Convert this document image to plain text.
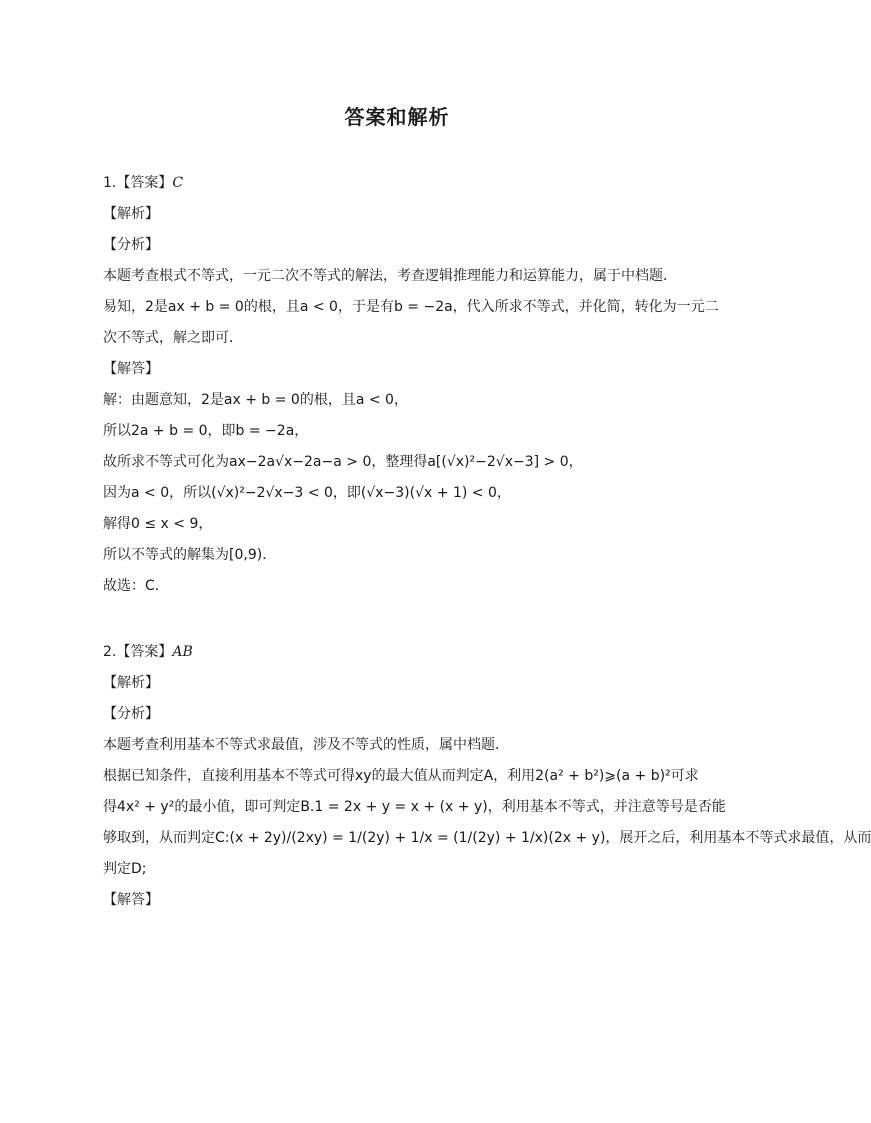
答案和解析
1.【答案】C
【解析】
【分析】
本题考查根式不等式，一元二次不等式的解法，考查逻辑推理能力和运算能力，属于中档题．
易知，2是ax + b = 0的根，且a < 0，于是有b = −2a，代入所求不等式，并化简，转化为一元二
次不等式，解之即可．
【解答】
解：由题意知，2是ax + b = 0的根，且a < 0，
所以2a + b = 0，即b = −2a，
故所求不等式可化为ax−2a√x−2a−a > 0，整理得a[(√x)²−2√x−3] > 0，
因为a < 0，所以(√x)²−2√x−3 < 0，即(√x−3)(√x + 1) < 0，
解得0 ≤ x < 9，
所以不等式的解集为[0,9)．
故选：C．
2.【答案】AB
【解析】
【分析】
本题考查利用基本不等式求最值，涉及不等式的性质，属中档题．
根据已知条件，直接利用基本不等式可得xy的最大值从而判定A，利用2(a² + b²)⩾(a + b)²可求
得4x² + y²的最小值，即可判定B.1 = 2x + y = x + (x + y)，利用基本不等式，并注意等号是否能
够取到，从而判定C:(x + 2y)/(2xy) = 1/(2y) + 1/x = (1/(2y) + 1/x)(2x + y)，展开之后，利用基本不等式求最值，从而
判定D;
【解答】
